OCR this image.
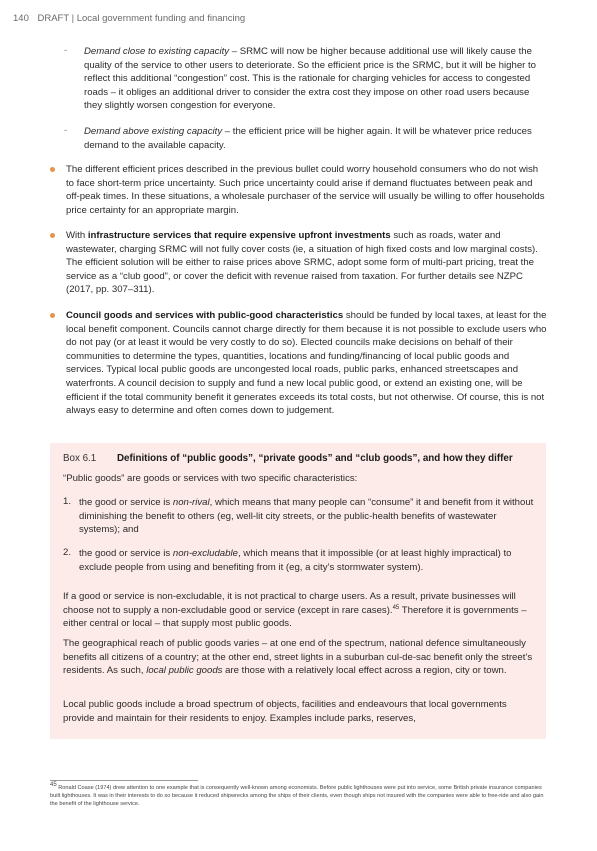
140 DRAFT | Local government funding and financing
- Demand close to existing capacity – SRMC will now be higher because additional use will likely cause the quality of the service to other users to deteriorate. So the efficient price is the SRMC, but it will be higher to reflect this additional “congestion” cost. This is the rationale for charging vehicles for access to congested roads – it obliges an additional driver to consider the extra cost they impose on other road users because they slightly worsen congestion for everyone.

- Demand above existing capacity – the efficient price will be higher again. It will be whatever price reduces demand to the available capacity.

The different efficient prices described in the previous bullet could worry household consumers who do not wish to face short-term price uncertainty. Such price uncertainty could arise if demand fluctuates between peak and off-peak times. In these situations, a wholesale purchaser of the service will usually be willing to offer households price certainty for an appropriate margin.

With infrastructure services that require expensive upfront investments such as roads, water and wastewater, charging SRMC will not fully cover costs (ie, a situation of high fixed costs and low marginal costs). The efficient solution will be either to raise prices above SRMC, adopt some form of multi-part pricing, treat the service as a “club good”, or cover the deficit with revenue raised from taxation. For further details see NZPC (2017, pp. 307–311).

Council goods and services with public-good characteristics should be funded by local taxes, at least for the local benefit component. Councils cannot charge directly for them because it is not possible to exclude users who do not pay (or at least it would be very costly to do so). Elected councils make decisions on behalf of their communities to determine the types, quantities, locations and funding/financing of local public goods and services. Typical local public goods are uncongested local roads, public parks, enhanced streetscapes and waterfronts. A council decision to supply and fund a new local public good, or extend an existing one, will be efficient if the total community benefit it generates exceeds its total costs, but not otherwise. Of course, this is not always easy to determine and often comes down to judgement.

Box 6.1 Definitions of “public goods”, “private goods” and “club goods”, and how they differ

“Public goods” are goods or services with two specific characteristics:

1. the good or service is non-rival, which means that many people can “consume” it and benefit from it without diminishing the benefit to others (eg, well-lit city streets, or the public-health benefits of wastewater systems); and

2. the good or service is non-excludable, which means that it impossible (or at least highly impractical) to exclude people from using and benefiting from it (eg, a city’s stormwater system).

If a good or service is non-excludable, it is not practical to charge users. As a result, private businesses will choose not to supply a non-excludable good or service (except in rare cases).$^{45}$ Therefore it is governments – either central or local – that supply most public goods.

The geographical reach of public goods varies – at one end of the spectrum, national defence simultaneously benefits all citizens of a country; at the other end, street lights in a suburban cul-de-sac benefit only the street’s residents. As such, local public goods are those with a relatively local effect across a region, city or town.

Local public goods include a broad spectrum of objects, facilities and endeavours that local governments provide and maintain for their residents to enjoy. Examples include parks, reserves,

$^{45}$ Ronald Coase (1974) drew attention to one example that is consequently well-known among economists. Before public lighthouses were put into service, some British private insurance companies built lighthouses. It was in their interests to do so because it reduced shipwrecks among the ships of their clients, even though ships not insured with the companies were able to free-ride and also gain the benefit of the lighthouse service.
